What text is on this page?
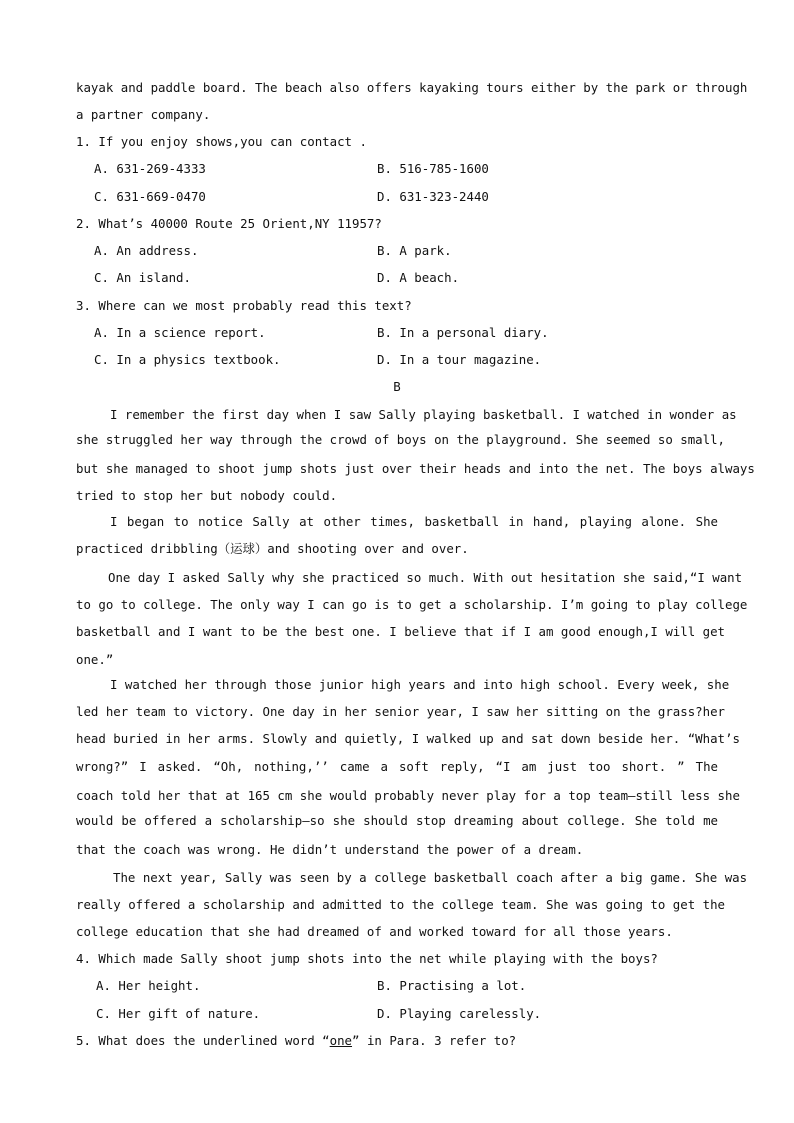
kayak and paddle board. The beach also offers kayaking tours either by the park or through
a partner company.
1. If you enjoy shows,you can contact .
A. 631-269-4333	B. 516-785-1600
C. 631-669-0470	D. 631-323-2440
2. What’s 40000 Route 25 Orient,NY 11957?
A. An address.	B. A park.
C. An island.	D. A beach.
3. Where can we most probably read this text?
A. In a science report.	B. In a personal diary.
C. In a physics textbook.	D. In a tour magazine.
B
I remember the first day when I saw Sally playing basketball. I watched in wonder as
she struggled her way through the crowd of boys on the playground. She seemed so small,
but she managed to shoot jump shots just over their heads and into the net. The boys always
tried to stop her but nobody could.
I began to notice Sally at other times, basketball in hand, playing alone. She
practiced dribbling（运球）and shooting over and over.
One day I asked Sally why she practiced so much. With out hesitation she said,“I want
to go to college. The only way I can go is to get a scholarship. I’m going to play college
basketball and I want to be the best one. I believe that if I am good enough,I will get
one.”
I watched her through those junior high years and into high school. Every week, she
led her team to victory. One day in her senior year, I saw her sitting on the grass?her
head buried in her arms. Slowly and quietly, I walked up and sat down beside her. “What’s
wrong?” I asked. “Oh, nothing,’’ came a soft reply, “I am just too short. ” The
coach told her that at 165 cm she would probably never play for a top team—still less she
would be offered a scholarship—so she should stop dreaming about college. She told me
that the coach was wrong. He didn’t understand the power of a dream.
The next year, Sally was seen by a college basketball coach after a big game. She was
really offered a scholarship and admitted to the college team. She was going to get the
college education that she had dreamed of and worked toward for all those years.
4. Which made Sally shoot jump shots into the net while playing with the boys?
A. Her height.	B. Practising a lot.
C. Her gift of nature.	D. Playing carelessly.
5. What does the underlined word “one” in Para. 3 refer to?
